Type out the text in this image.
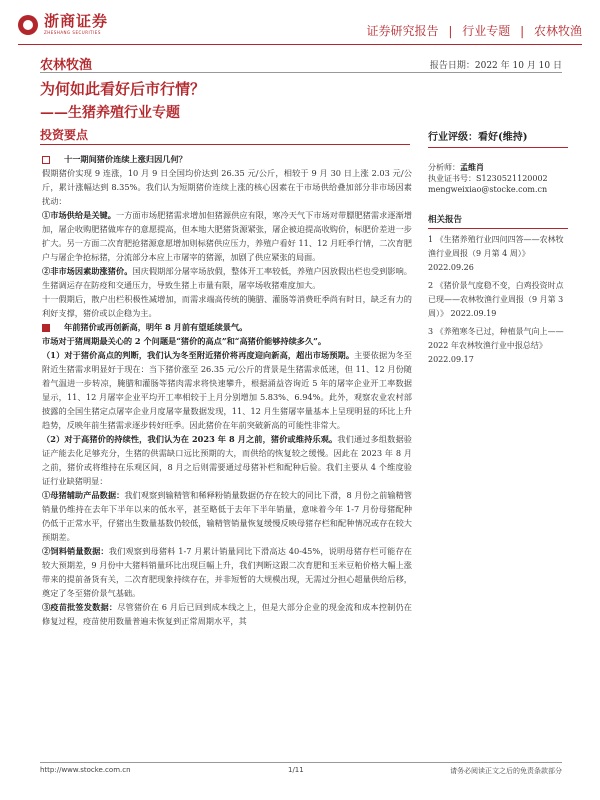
浙商证券
ZHESHANG SECURITIES	证券研究报告 | 行业专题 | 农林牧渔
农林牧渔	报告日期：2022 年 10 月 10 日
为何如此看好后市行情？
——生猪养殖行业专题
投资要点
十一期间猪价连续上涨归因几何？
假期猪价实现 9 连涨，10 月 9 日全国均价达到 26.35 元/公斤，相较于 9 月 30 日上涨 2.03 元/公斤，累计涨幅达到 8.35%。我们认为短期猪价连续上涨的核心因素在于市场供给叠加部分非市场因素扰动：
①市场供给是关键。一方面市场肥猪需求增加但猪源供应有限，寒冷天气下市场对带膘肥猪需求逐渐增加，屠企收购肥猪做库存的意愿提高，但本地大肥猪货源紧张，屠企被迫提高收购价，标肥价差进一步扩大。另一方面二次育肥抢猪源意愿增加则标猪供应压力，养殖户看好 11、12 月旺季行情，二次育肥户与屠企争抢标猪，分流部分本应上市屠宰的猪源，加剧了供应紧张的局面。
②非市场因素助涨猪价。国庆假期部分屠宰场放假，整体开工率较低，养殖户因放假出栏也受到影响。生猪调运存在防疫和交通压力，导致生猪上市量有限，屠宰场收猪难度加大。
十一假期后，散户出栏积极性减增加，而需求端高传统的腌腊、灌肠等消费旺季尚有时日，缺乏有力的利好支撑，猪价或以企稳为主。
年前猪价或再创新高，明年 8 月前有望延续景气。
市场对于猪周期最关心的 2 个问题是“猪价的高点”和“高猪价能够持续多久”。
（1）对于猪价高点的判断，我们认为冬至附近猪价将再度迎向新高，超出市场预期。主要依据为冬至附近生猪需求明显好于现在：当下猪价涨至 26.35 元/公斤的背景是生猪需求低迷，但 11、12 月份随着气温进一步转凉，腌腊和灌肠等猪肉需求将快速攀升，根据涌益咨询近 5 年的屠宰企业开工率数据显示，11、12 月屠宰企业平均开工率相较于上月分别增加 5.83%、6.94%。此外，观察农业农村部披露的全国生猪定点屠宰企业月度屠宰量数据发现，11、12 月生猪屠宰量基本上呈现明显的环比上升趋势，反映年前生猪需求逐步转好旺季。因此猪价在年前突破新高的可能性非常大。
（2）对于高猪价的持续性，我们认为在 2023 年 8 月之前，猪价或维持乐观。我们通过多组数据验证产能去化足够充分，生猪的供需缺口远比预期的大，而供给的恢复较之缓慢。因此在 2023 年 8 月之前，猪价或将维持在乐观区间，8 月之后则需要通过母猪补栏和配种后验。我们主要从 4 个维度验证行业缺猪明显：
①母猪辅助产品数据：我们观察到输精管和稀释粉销量数据仍存在较大的同比下滑，8 月份之前输精管销量仍维持在去年下半年以来的低水平，甚至略低于去年下半年销量，意味着今年 1-7 月份母猪配种仍低于正常水平，仔猪出生数量基数仍较低，输精管销量恢复缓慢反映母猪存栏和配种情况或存在较大预期差。
②饲料销量数据：我们观察到母猪料 1-7 月累计销量同比下滑高达 40-45%，说明母猪存栏可能存在较大预期差，9 月份中大猪料销量环比出现巨幅上升，我们判断这跟二次育肥和玉米豆粕价格大幅上涨带来的提前备货有关，二次育肥现象持续存在，并非短暂的大规模出现，无需过分担心超量供给后移，奠定了冬至猪价景气基础。
③疫苗批签发数据：尽管猪价在 6 月后已回到成本线之上，但是大部分企业的现金流和成本控制仍在修复过程，疫苗使用数量普遍未恢复到正常周期水平，其
行业评级：看好(维持)
分析师：孟维肖
执业证书号：S1230521120002
mengweixiao@stocke.com.cn
相关报告
1 《生猪养殖行业四问四答——农林牧渔行业周报（9 月第 4 周）》 2022.09.26
2 《猪价景气度稳不变，白鸡投资时点已现——农林牧渔行业周报（9 月第 3 周）》 2022.09.19
3 《养殖寒冬已过，种植景气向上——2022 年农林牧渔行业中报总结》 2022.09.17
http://www.stocke.com.cn	1/11	请务必阅读正文之后的免责条款部分
